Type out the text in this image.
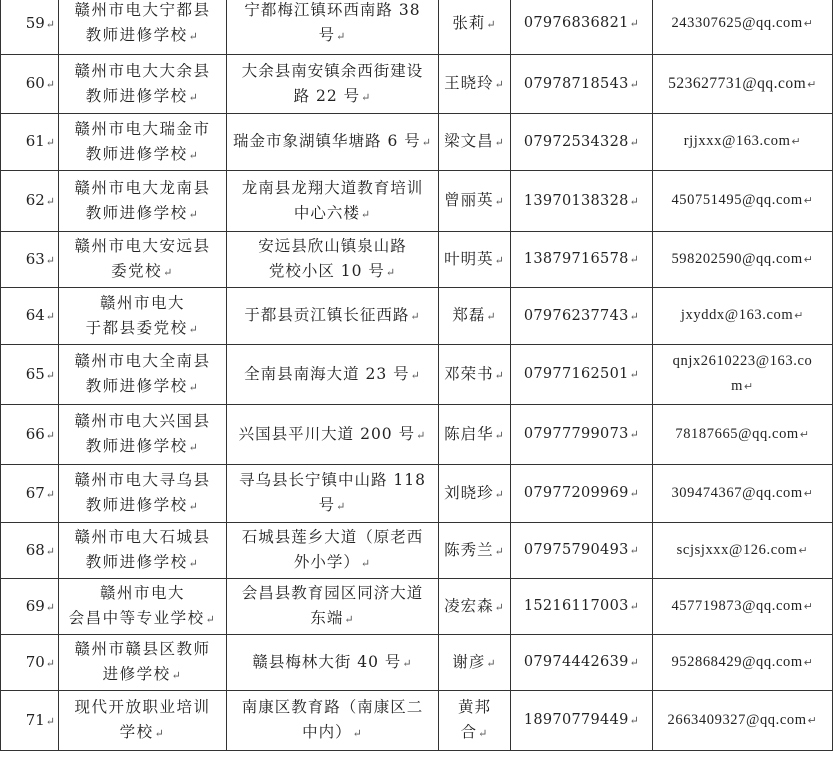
59↵	赣州市电大宁都县
教师进修学校↵	宁都梅江镇环西南路 38
号↵	张莉↵	07976836821↵	243307625@qq.com↵

60↵	赣州市电大大余县
教师进修学校↵	大余县南安镇余西街建设
路 22 号↵	王晓玲↵	07978718543↵	523627731@qq.com↵

61↵	赣州市电大瑞金市
教师进修学校↵	瑞金市象湖镇华塘路 6 号↵	梁文昌↵	07972534328↵	rjjxxx@163.com↵

62↵	赣州市电大龙南县
教师进修学校↵	龙南县龙翔大道教育培训
中心六楼↵	曾丽英↵	13970138328↵	450751495@qq.com↵

63↵	赣州市电大安远县
委党校↵	安远县欣山镇泉山路
党校小区 10 号↵	叶明英↵	13879716578↵	598202590@qq.com↵

64↵	赣州市电大
于都县委党校↵	于都县贡江镇长征西路↵	郑磊↵	07976237743↵	jxyddx@163.com↵

65↵	赣州市电大全南县
教师进修学校↵	全南县南海大道 23 号↵	邓荣书↵	07977162501↵	qnjx2610223@163.co
m↵

66↵	赣州市电大兴国县
教师进修学校↵	兴国县平川大道 200 号↵	陈启华↵	07977799073↵	78187665@qq.com↵

67↵	赣州市电大寻乌县
教师进修学校↵	寻乌县长宁镇中山路 118
号↵	刘晓珍↵	07977209969↵	309474367@qq.com↵

68↵	赣州市电大石城县
教师进修学校↵	石城县莲乡大道（原老西
外小学）↵	陈秀兰↵	07975790493↵	scjsjxxx@126.com↵

69↵	赣州市电大
会昌中等专业学校↵	会昌县教育园区同济大道
东端↵	凌宏森↵	15216117003↵	457719873@qq.com↵

70↵	赣州市赣县区教师
进修学校↵	赣县梅林大街 40 号↵	谢彦↵	07974442639↵	952868429@qq.com↵

71↵	现代开放职业培训
学校↵	南康区教育路（南康区二
中内）↵	黄邦
合↵	18970779449↵	2663409327@qq.com↵
